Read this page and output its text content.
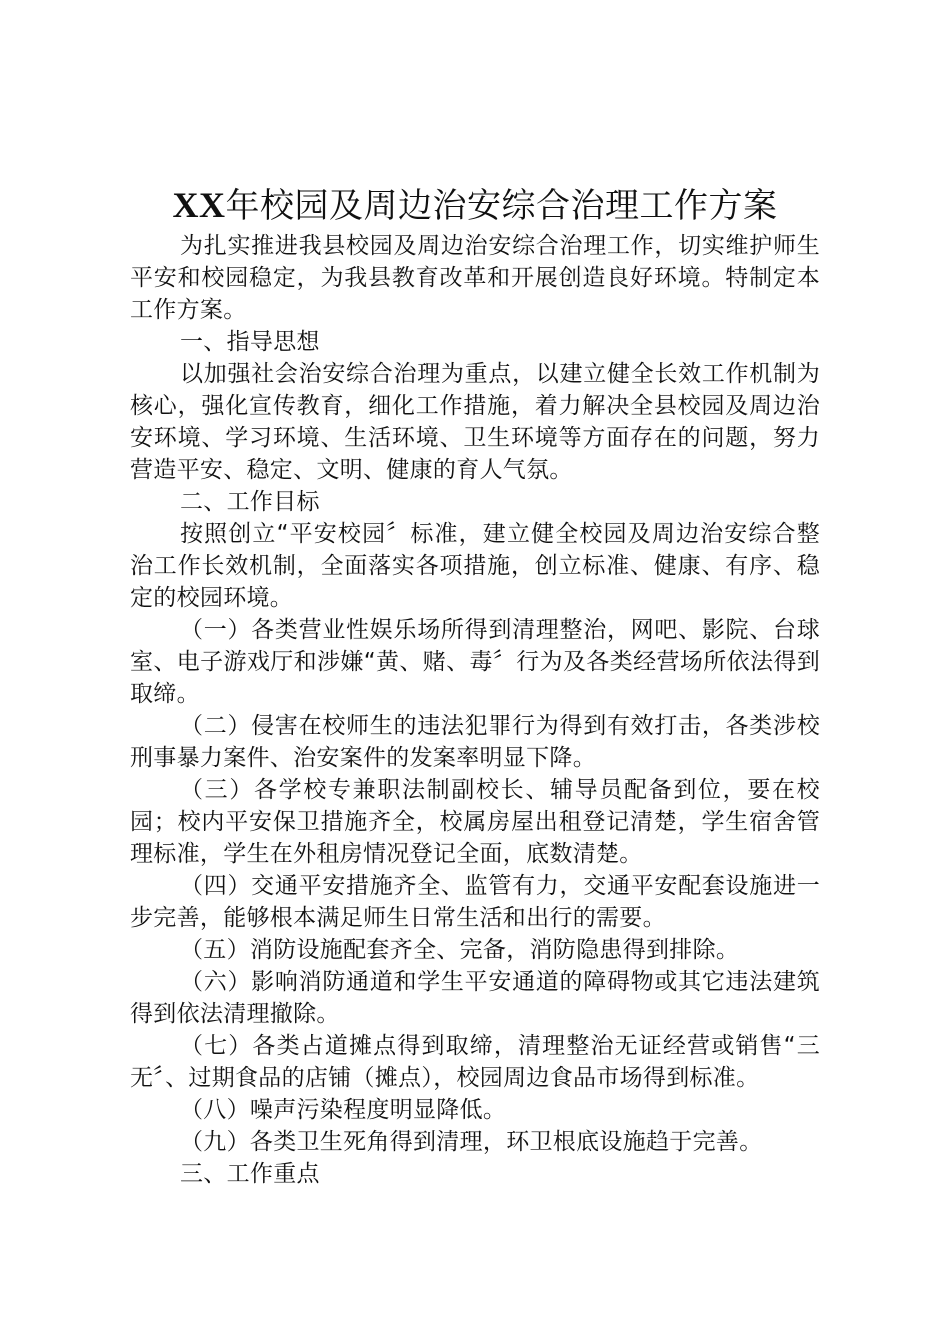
XX年校园及周边治安综合治理工作方案

为扎实推进我县校园及周边治安综合治理工作，切实维护师生平安和校园稳定，为我县教育改革和开展创造良好环境。特制定本工作方案。

一、指导思想

以加强社会治安综合治理为重点，以建立健全长效工作机制为核心，强化宣传教育，细化工作措施，着力解决全县校园及周边治安环境、学习环境、生活环境、卫生环境等方面存在的问题，努力营造平安、稳定、文明、健康的育人气氛。

二、工作目标

按照创立“平安校园〞标准，建立健全校园及周边治安综合整治工作长效机制，全面落实各项措施，创立标准、健康、有序、稳定的校园环境。

（一）各类营业性娱乐场所得到清理整治，网吧、影院、台球室、电子游戏厅和涉嫌“黄、赌、毒〞行为及各类经营场所依法得到取缔。

（二）侵害在校师生的违法犯罪行为得到有效打击，各类涉校刑事暴力案件、治安案件的发案率明显下降。

（三）各学校专兼职法制副校长、辅导员配备到位，要在校园；校内平安保卫措施齐全，校属房屋出租登记清楚，学生宿舍管理标准，学生在外租房情况登记全面，底数清楚。

（四）交通平安措施齐全、监管有力，交通平安配套设施进一步完善，能够根本满足师生日常生活和出行的需要。

（五）消防设施配套齐全、完备，消防隐患得到排除。

（六）影响消防通道和学生平安通道的障碍物或其它违法建筑得到依法清理撤除。

（七）各类占道摊点得到取缔，清理整治无证经营或销售“三无〞、过期食品的店铺（摊点），校园周边食品市场得到标准。

（八）噪声污染程度明显降低。

（九）各类卫生死角得到清理，环卫根底设施趋于完善。

三、工作重点
